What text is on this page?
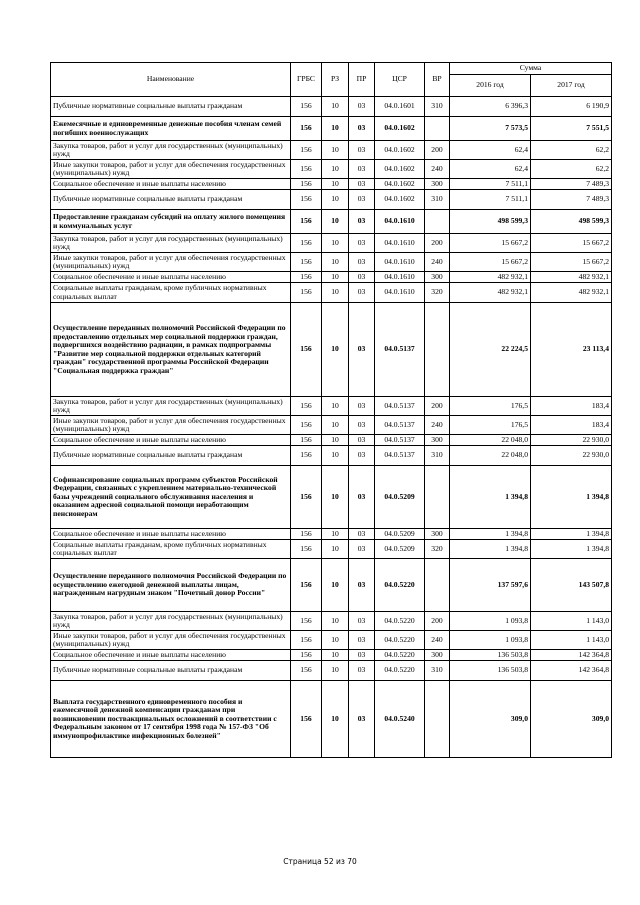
Наименование	ГРБС	РЗ	ПР	ЦСР	ВР	Сумма	
						2016 год	2017 год
Публичные нормативные социальные выплаты гражданам	156	10	03	04.0.1601	310	6 396,3	6 190,9
Ежемесячные и единовременные денежные пособия членам семей погибших военнослужащих	156	10	03	04.0.1602		7 573,5	7 551,5
Закупка товаров, работ и услуг для государственных (муниципальных) нужд	156	10	03	04.0.1602	200	62,4	62,2
Иные закупки товаров, работ и услуг для обеспечения государственных (муниципальных) нужд	156	10	03	04.0.1602	240	62,4	62,2
Социальное обеспечение и иные выплаты населению	156	10	03	04.0.1602	300	7 511,1	7 489,3
Публичные нормативные социальные выплаты гражданам	156	10	03	04.0.1602	310	7 511,1	7 489,3
Предоставление гражданам субсидий на оплату жилого помещения и коммунальных услуг	156	10	03	04.0.1610		498 599,3	498 599,3
Закупка товаров, работ и услуг для государственных (муниципальных) нужд	156	10	03	04.0.1610	200	15 667,2	15 667,2
Иные закупки товаров, работ и услуг для обеспечения государственных (муниципальных) нужд	156	10	03	04.0.1610	240	15 667,2	15 667,2
Социальное обеспечение и иные выплаты населению	156	10	03	04.0.1610	300	482 932,1	482 932,1
Социальные выплаты гражданам, кроме публичных нормативных социальных выплат	156	10	03	04.0.1610	320	482 932,1	482 932,1
Осуществление переданных полномочий Российской Федерации по предоставлению отдельных мер социальной поддержки граждан, подвергшихся воздействию радиации, в рамках подпрограммы "Развитие мер социальной поддержки отдельных категорий граждан" государственной программы Российской Федерации "Социальная поддержка граждан"	156	10	03	04.0.5137		22 224,5	23 113,4
Закупка товаров, работ и услуг для государственных (муниципальных) нужд	156	10	03	04.0.5137	200	176,5	183,4
Иные закупки товаров, работ и услуг для обеспечения государственных (муниципальных) нужд	156	10	03	04.0.5137	240	176,5	183,4
Социальное обеспечение и иные выплаты населению	156	10	03	04.0.5137	300	22 048,0	22 930,0
Публичные нормативные социальные выплаты гражданам	156	10	03	04.0.5137	310	22 048,0	22 930,0
Софинансирование социальных программ субъектов Российской Федерации, связанных с укреплением материально-технической базы учреждений социального обслуживания населения и оказанием адресной социальной помощи неработающим пенсионерам	156	10	03	04.0.5209		1 394,8	1 394,8
Социальное обеспечение и иные выплаты населению	156	10	03	04.0.5209	300	1 394,8	1 394,8
Социальные выплаты гражданам, кроме публичных нормативных социальных выплат	156	10	03	04.0.5209	320	1 394,8	1 394,8
Осуществление переданного полномочия Российской Федерации по осуществлению ежегодной денежной выплаты лицам, награжденным нагрудным знаком "Почетный донор России"	156	10	03	04.0.5220		137 597,6	143 507,8
Закупка товаров, работ и услуг для государственных (муниципальных) нужд	156	10	03	04.0.5220	200	1 093,8	1 143,0
Иные закупки товаров, работ и услуг для обеспечения государственных (муниципальных) нужд	156	10	03	04.0.5220	240	1 093,8	1 143,0
Социальное обеспечение и иные выплаты населению	156	10	03	04.0.5220	300	136 503,8	142 364,8
Публичные нормативные социальные выплаты гражданам	156	10	03	04.0.5220	310	136 503,8	142 364,8
Выплата государственного единовременного пособия и ежемесячной денежной компенсации гражданам при возникновении поствакцинальных осложнений в соответствии с Федеральным законом от 17 сентября 1998 года № 157-ФЗ "Об иммунопрофилактике инфекционных болезней"	156	10	03	04.0.5240		309,0	309,0
Страница 52 из 70
